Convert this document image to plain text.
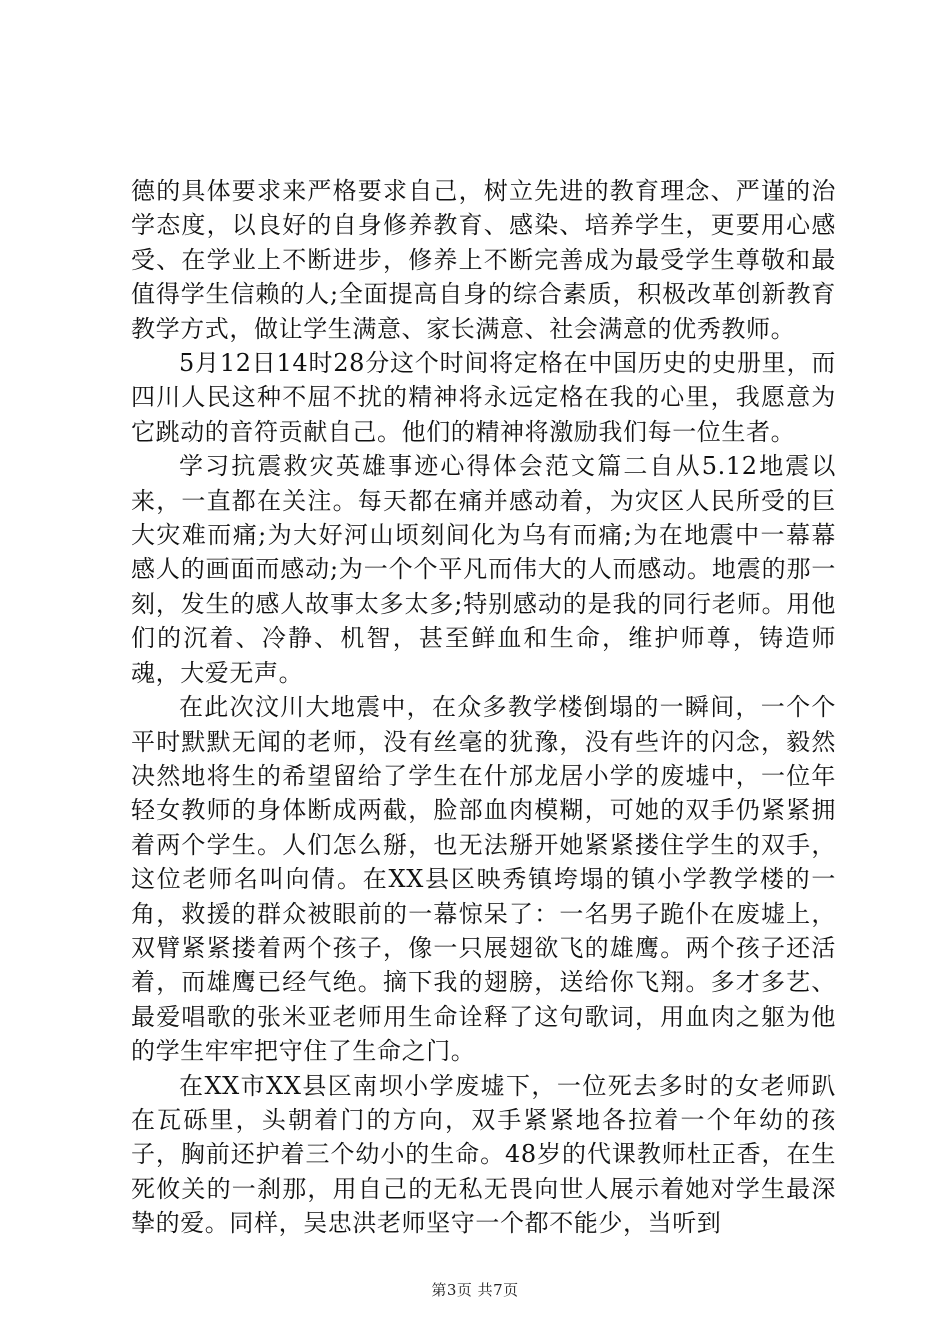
德的具体要求来严格要求自己，树立先进的教育理念、严谨的治学态度，以良好的自身修养教育、感染、培养学生，更要用心感受、在学业上不断进步，修养上不断完善成为最受学生尊敬和最值得学生信赖的人;全面提高自身的综合素质，积极改革创新教育教学方式，做让学生满意、家长满意、社会满意的优秀教师。

5月12日14时28分这个时间将定格在中国历史的史册里，而四川人民这种不屈不扰的精神将永远定格在我的心里，我愿意为它跳动的音符贡献自己。他们的精神将激励我们每一位生者。

学习抗震救灾英雄事迹心得体会范文篇二自从5.12地震以来，一直都在关注。每天都在痛并感动着，为灾区人民所受的巨大灾难而痛;为大好河山顷刻间化为乌有而痛;为在地震中一幕幕感人的画面而感动;为一个个平凡而伟大的人而感动。地震的那一刻，发生的感人故事太多太多;特别感动的是我的同行老师。用他们的沉着、冷静、机智，甚至鲜血和生命，维护师尊，铸造师魂，大爱无声。

在此次汶川大地震中，在众多教学楼倒塌的一瞬间，一个个平时默默无闻的老师，没有丝毫的犹豫，没有些许的闪念，毅然决然地将生的希望留给了学生在什邡龙居小学的废墟中，一位年轻女教师的身体断成两截，脸部血肉模糊，可她的双手仍紧紧拥着两个学生。人们怎么掰，也无法掰开她紧紧搂住学生的双手，这位老师名叫向倩。在XX县区映秀镇垮塌的镇小学教学楼的一角，救援的群众被眼前的一幕惊呆了：一名男子跪仆在废墟上，双臂紧紧搂着两个孩子，像一只展翅欲飞的雄鹰。两个孩子还活着，而雄鹰已经气绝。摘下我的翅膀，送给你飞翔。多才多艺、最爱唱歌的张米亚老师用生命诠释了这句歌词，用血肉之躯为他的学生牢牢把守住了生命之门。

在XX市XX县区南坝小学废墟下，一位死去多时的女老师趴在瓦砾里，头朝着门的方向，双手紧紧地各拉着一个年幼的孩子，胸前还护着三个幼小的生命。48岁的代课教师杜正香，在生死攸关的一刹那，用自己的无私无畏向世人展示着她对学生最深挚的爱。同样，吴忠洪老师坚守一个都不能少，当听到

第3页 共7页
